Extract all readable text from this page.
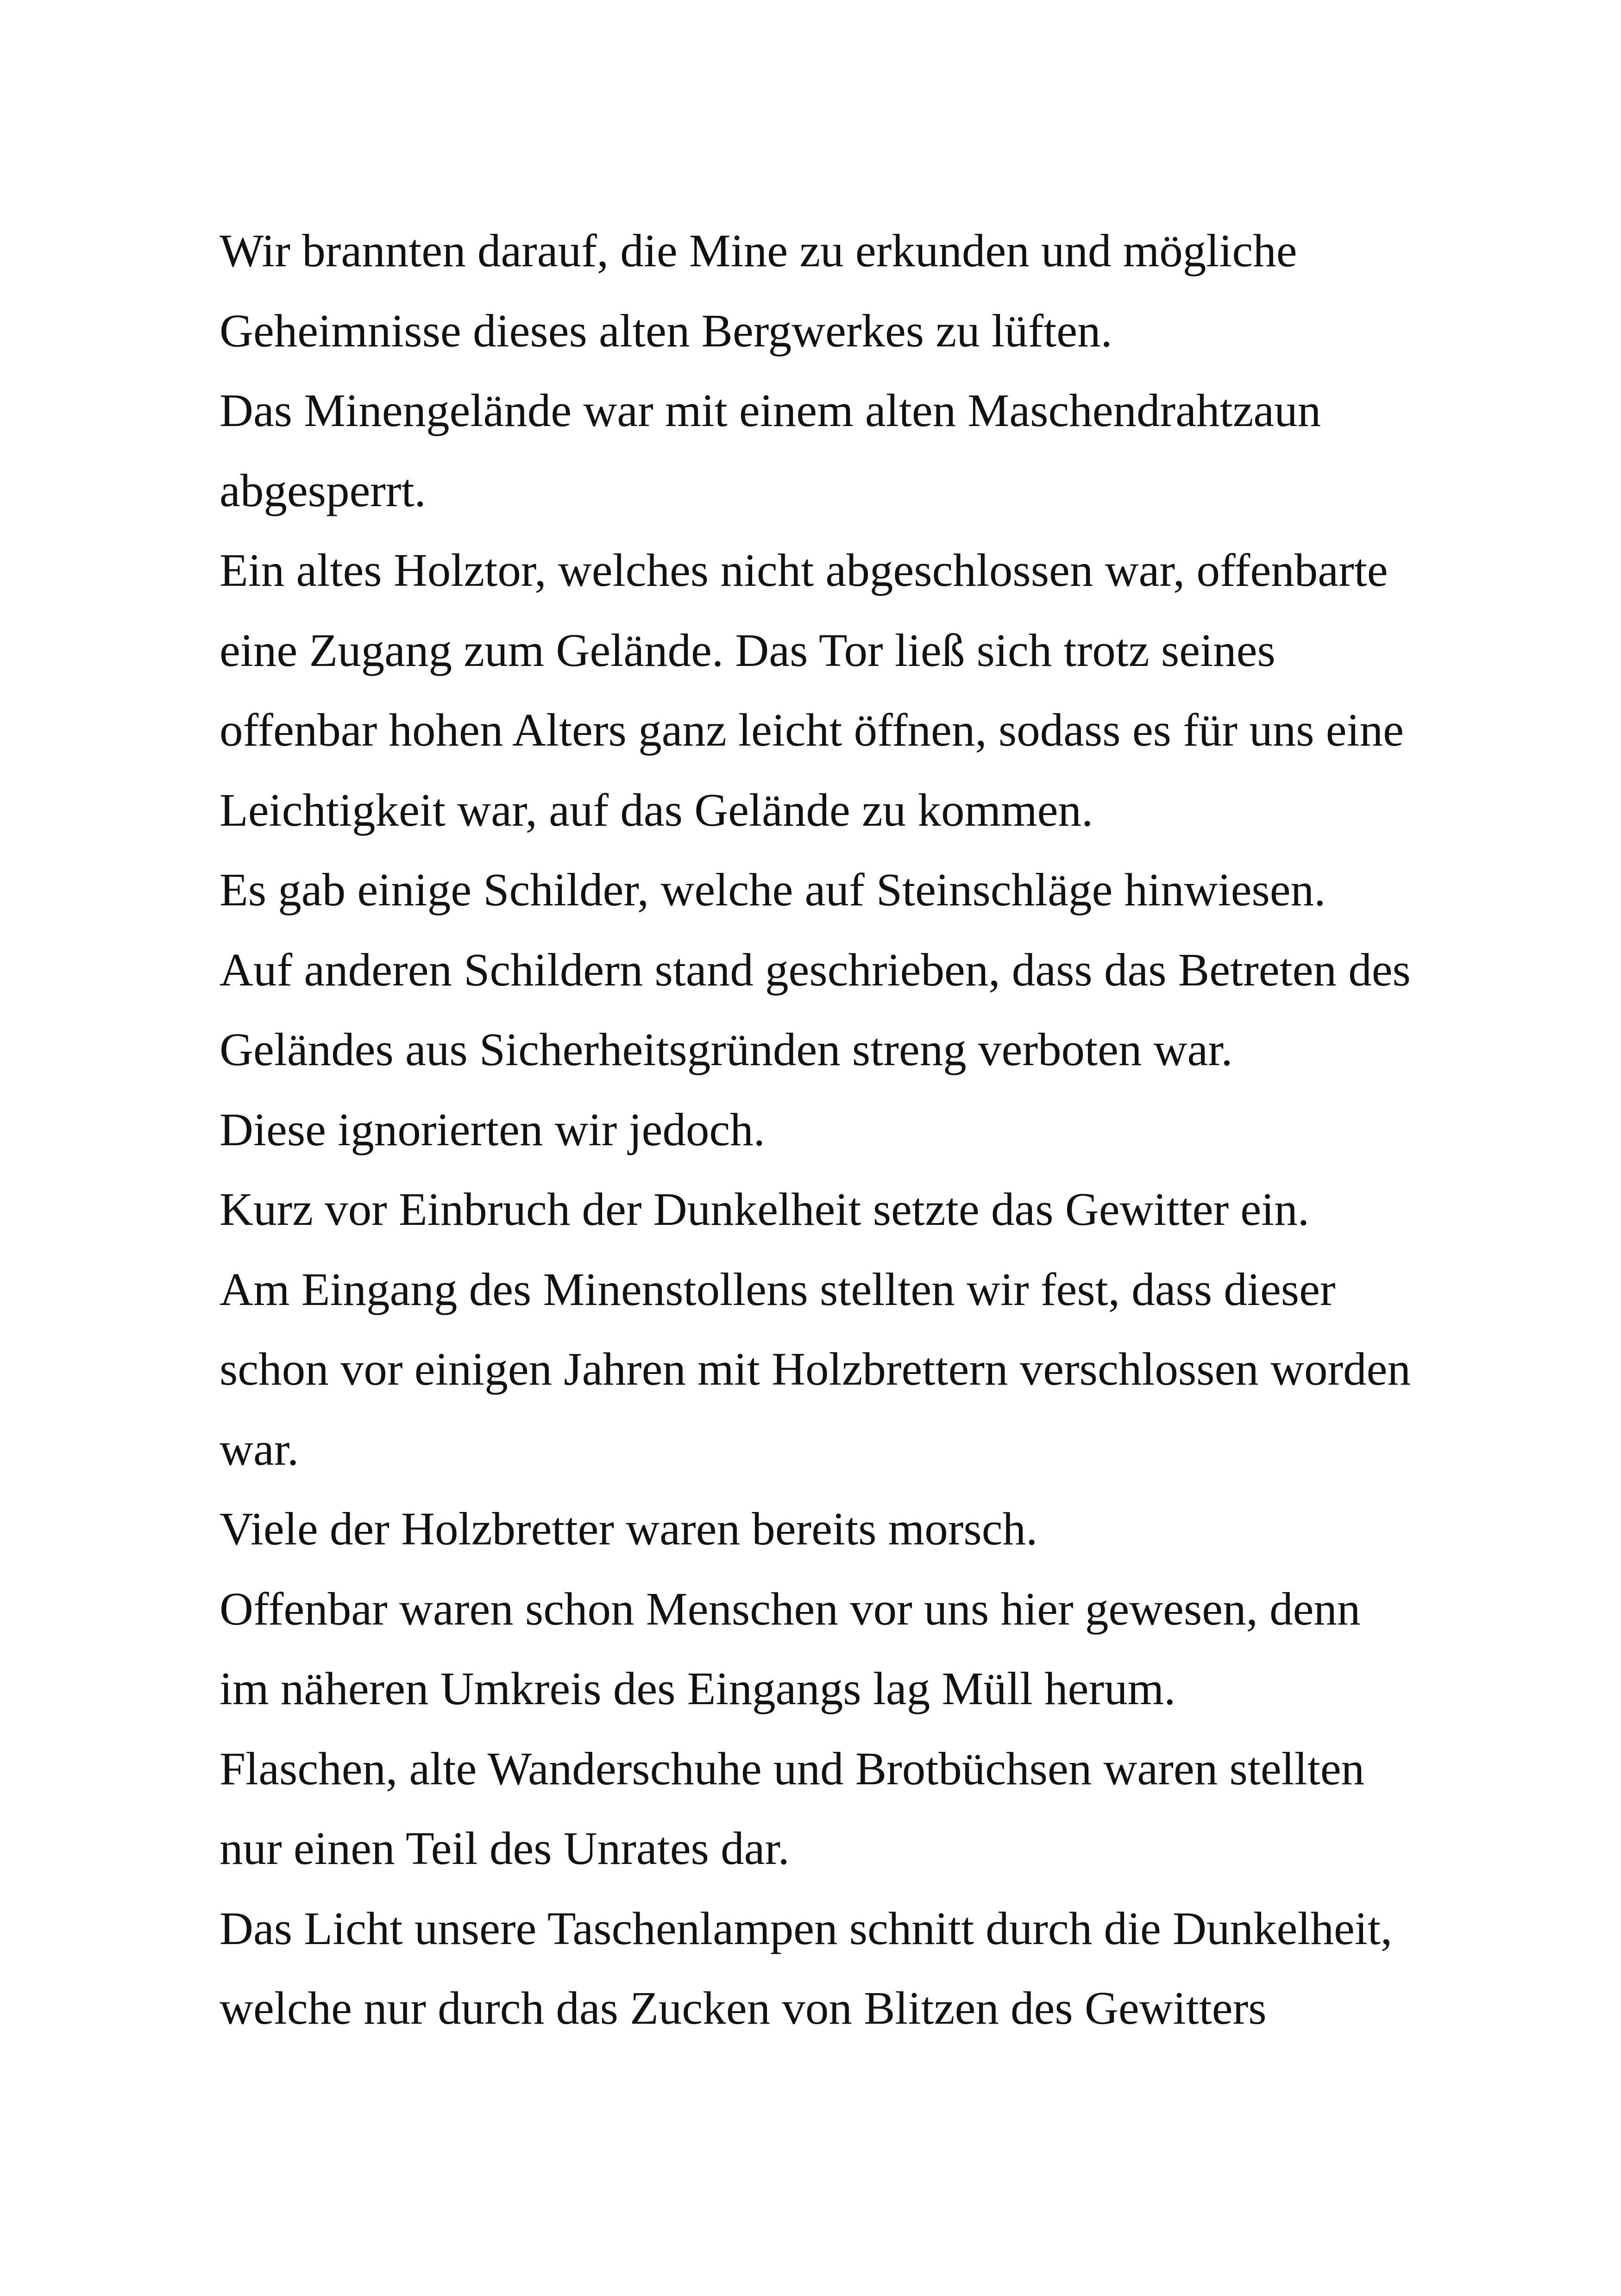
Wir brannten darauf, die Mine zu erkunden und mögliche
Geheimnisse dieses alten Bergwerkes zu lüften.
Das Minengelände war mit einem alten Maschendrahtzaun
abgesperrt.
Ein altes Holztor, welches nicht abgeschlossen war, offenbarte
eine Zugang zum Gelände. Das Tor ließ sich trotz seines
offenbar hohen Alters ganz leicht öffnen, sodass es für uns eine
Leichtigkeit war, auf das Gelände zu kommen.
Es gab einige Schilder, welche auf Steinschläge hinwiesen.
Auf anderen Schildern stand geschrieben, dass das Betreten des
Geländes aus Sicherheitsgründen streng verboten war.
Diese ignorierten wir jedoch.
Kurz vor Einbruch der Dunkelheit setzte das Gewitter ein.
Am Eingang des Minenstollens stellten wir fest, dass dieser
schon vor einigen Jahren mit Holzbrettern verschlossen worden
war.
Viele der Holzbretter waren bereits morsch.
Offenbar waren schon Menschen vor uns hier gewesen, denn
im näheren Umkreis des Eingangs lag Müll herum.
Flaschen, alte Wanderschuhe und Brotbüchsen waren stellten
nur einen Teil des Unrates dar.
Das Licht unsere Taschenlampen schnitt durch die Dunkelheit,
welche nur durch das Zucken von Blitzen des Gewitters
